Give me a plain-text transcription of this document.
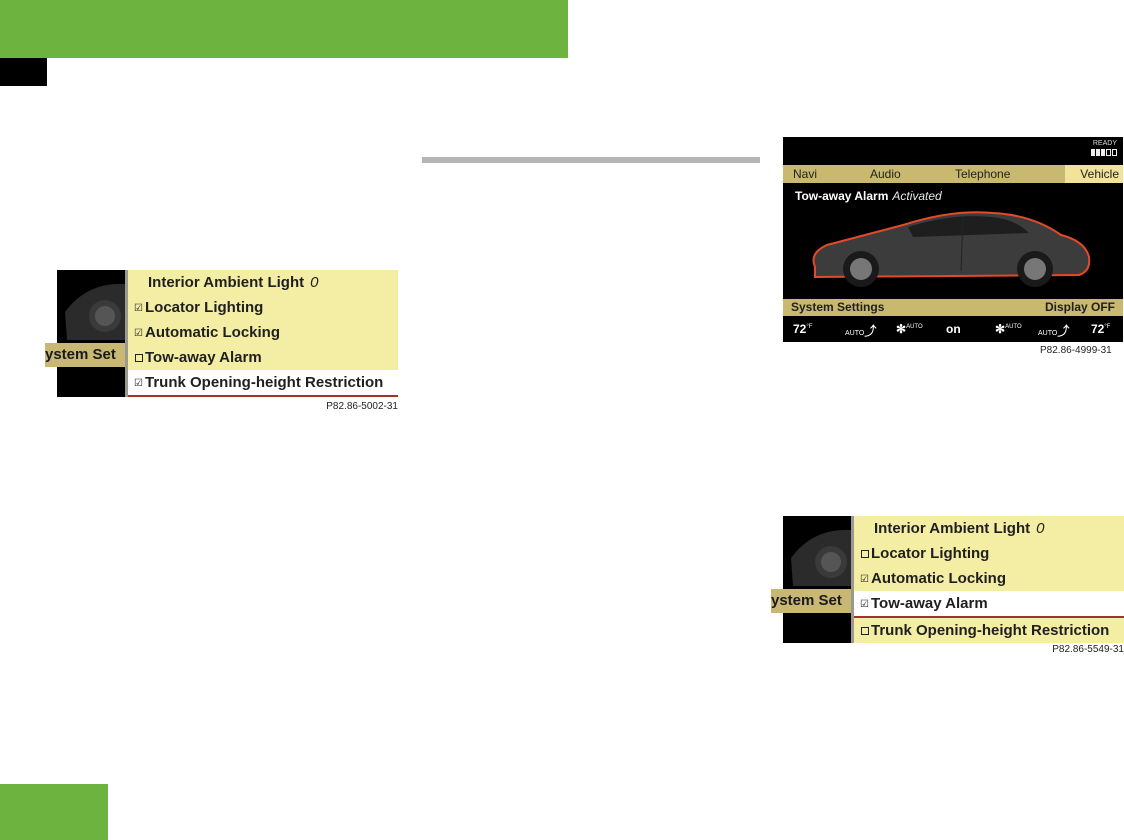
ystem Set
Interior Ambient Light 0
☑ Locator Lighting
☑ Automatic Locking
Tow-away Alarm
☑ Trunk Opening-height Restriction
P82.86-5002-31
READY
Navi	Audio	Telephone	Vehicle
Tow-away Alarm Activated
System Settings	Display OFF
$72^{^\circ F}$
AUTO⤴ ✻$^{AUTO}$ on	✻$^{AUTO}$
AUTO⤴ $72^{^\circ F}$
P82.86-4999-31
ystem Set
Interior Ambient Light 0
Locator Lighting
☑ Automatic Locking
☑ Tow-away Alarm
Trunk Opening-height Restriction
P82.86-5549-31
